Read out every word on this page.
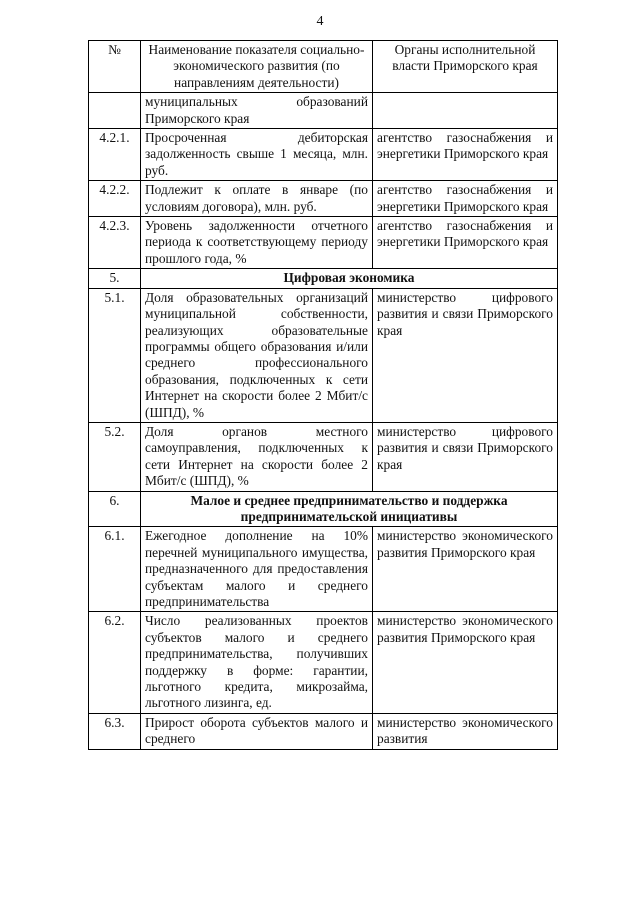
4
№	Наименование показателя социально-экономического развития (по направлениям деятельности)	Органы исполнительной власти Приморского края
	муниципальных образований Приморского края	
4.2.1.	Просроченная дебиторская задолженность свыше 1 месяца, млн. руб.	агентство газоснабжения и энергетики Приморского края
4.2.2.	Подлежит к оплате в январе (по условиям договора), млн. руб.	агентство газоснабжения и энергетики Приморского края
4.2.3.	Уровень задолженности отчетного периода к соответствующему периоду прошлого года, %	агентство газоснабжения и энергетики Приморского края
5.	Цифровая экономика	
5.1.	Доля образовательных организаций муниципальной собственности, реализующих образовательные программы общего образования и/или среднего профессионального образования, подключенных к сети Интернет на скорости более 2 Мбит/с (ШПД), %	министерство цифрового развития и связи Приморского края
5.2.	Доля органов местного самоуправления, подключенных к сети Интернет на скорости более 2 Мбит/с (ШПД), %	министерство цифрового развития и связи Приморского края
6.	Малое и среднее предпринимательство и поддержка предпринимательской инициативы	
6.1.	Ежегодное дополнение на 10% перечней муниципального имущества, предназначенного для предоставления субъектам малого и среднего предпринимательства	министерство экономического развития Приморского края
6.2.	Число реализованных проектов субъектов малого и среднего предпринимательства, получивших поддержку в форме: гарантии, льготного кредита, микрозайма, льготного лизинга, ед.	министерство экономического развития Приморского края
6.3.	Прирост оборота субъектов малого и среднего	министерство экономического развития
